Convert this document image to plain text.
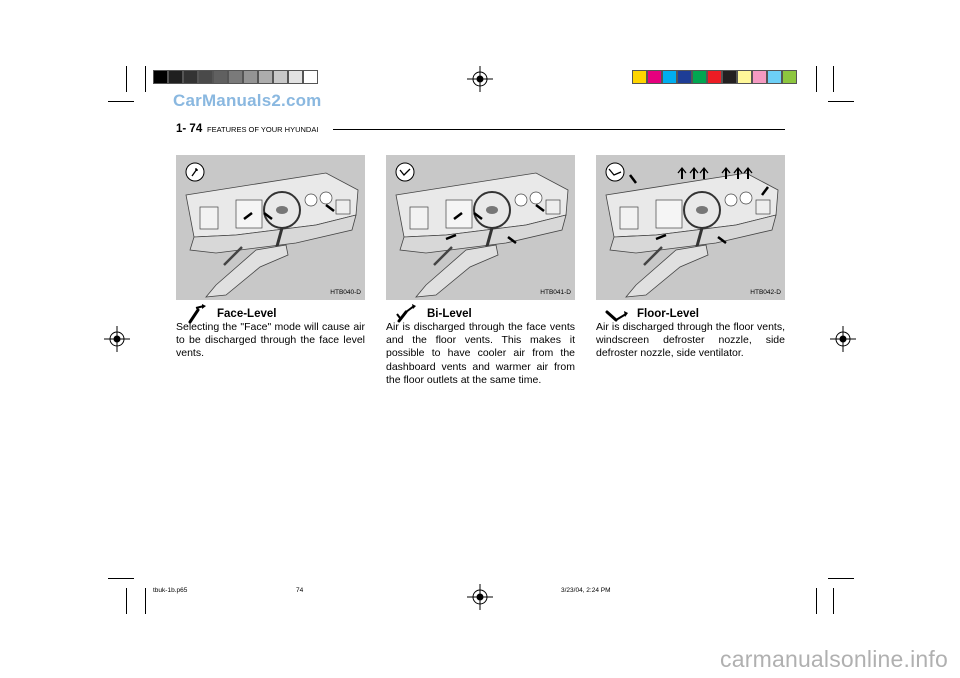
CarManuals2.com
1- 74 FEATURES OF YOUR HYUNDAI
HTB040-D	HTB041-D	HTB042-D
Face-Level	Bi-Level	Floor-Level
Selecting the "Face" mode will cause air to be discharged through the face level vents.
Air is discharged through the face vents and the floor vents. This makes it possible to have cooler air from the dashboard vents and warmer air from the floor outlets at the same time.
Air is discharged through the floor vents, windscreen defroster nozzle, side defroster nozzle, side ventilator.
tbuk-1b.p65	74	3/23/04, 2:24 PM
carmanualsonline.info
